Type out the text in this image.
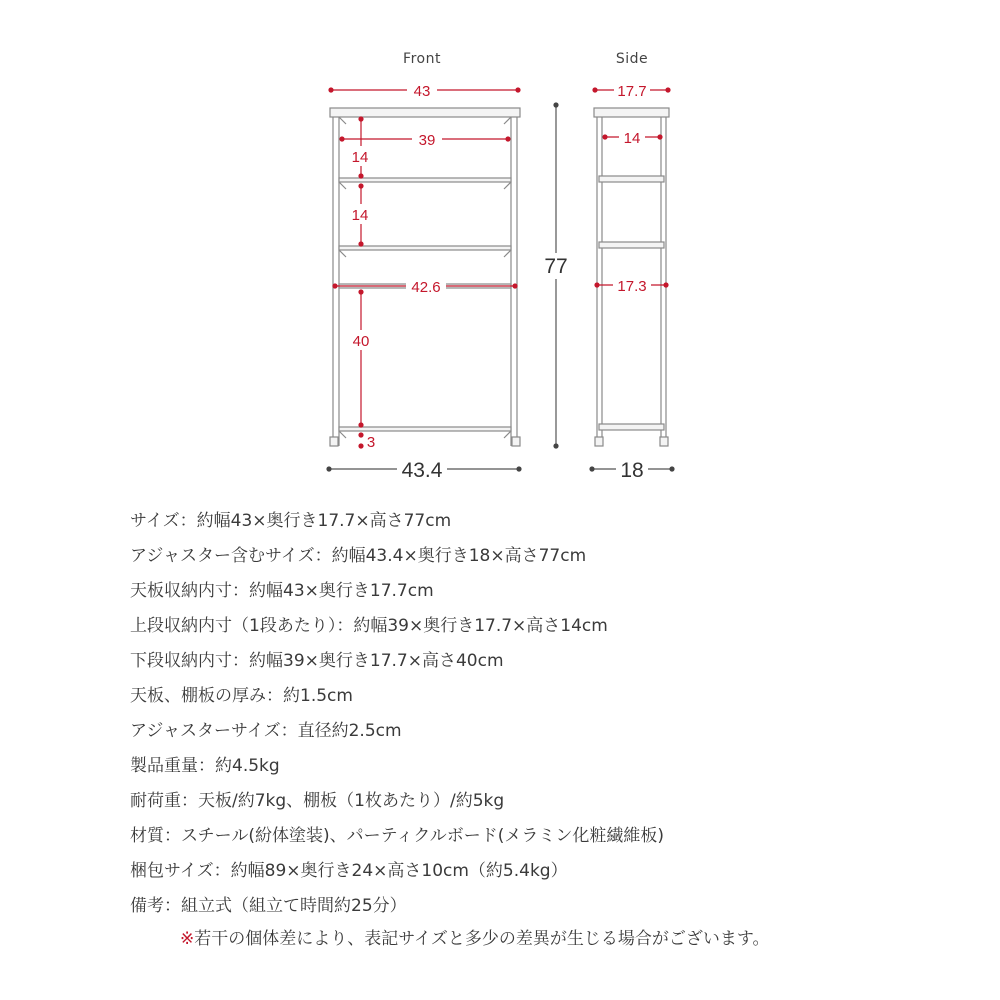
Front	Side
43
39
14
14
40
3
42.6
77
43.4
17.7
14
17.3
18
サイズ：約幅43×奥行き17.7×高さ77cm
アジャスター含むサイズ：約幅43.4×奥行き18×高さ77cm
天板収納内寸：約幅43×奥行き17.7cm
上段収納内寸（1段あたり）：約幅39×奥行き17.7×高さ14cm
下段収納内寸：約幅39×奥行き17.7×高さ40cm
天板、棚板の厚み：約1.5cm
アジャスターサイズ：直径約2.5cm
製品重量：約4.5kg
耐荷重：天板/約7kg、棚板（1枚あたり）/約5kg
材質：スチール(紛体塗装)、パーティクルボード(メラミン化粧繊維板)
梱包サイズ：約幅89×奥行き24×高さ10cm（約5.4kg）
備考：組立式（組立て時間約25分）
※若干の個体差により、表記サイズと多少の差異が生じる場合がございます。
